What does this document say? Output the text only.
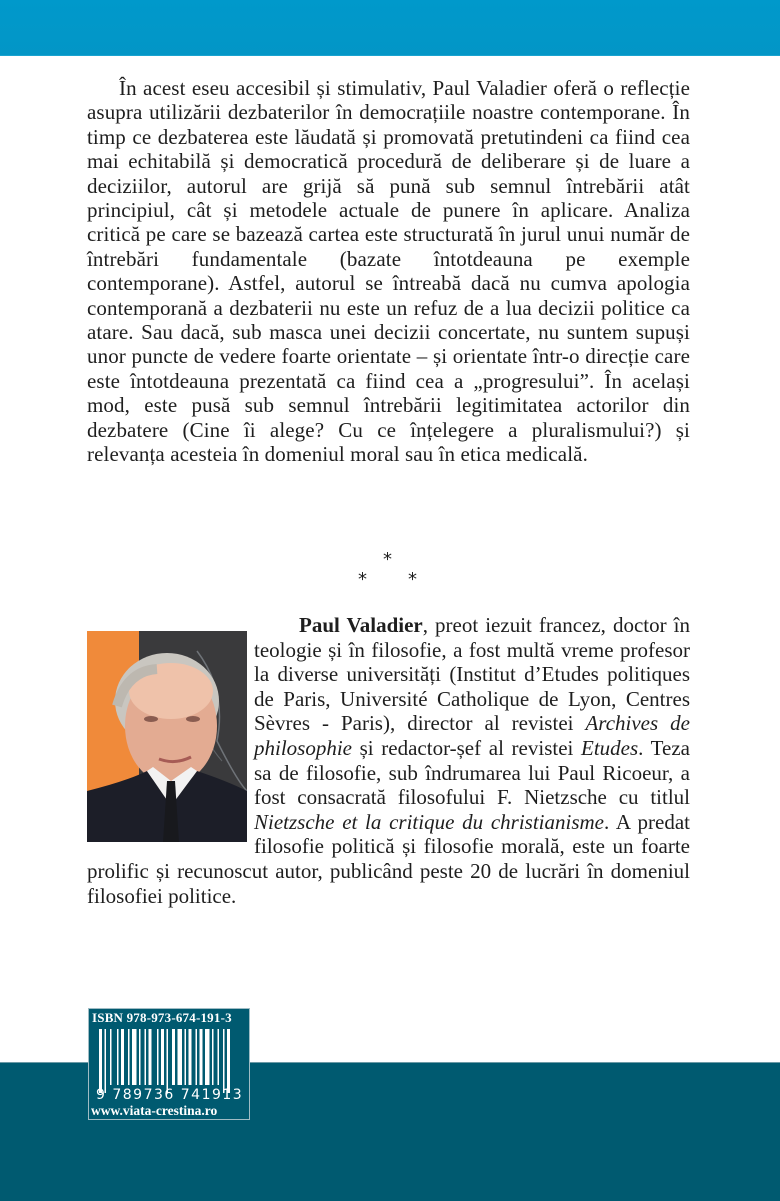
În acest eseu accesibil și stimulativ, Paul Valadier oferă o reflecție asupra utilizării dezbaterilor în democrațiile noastre contemporane. În timp ce dezbaterea este lăudată și promovată pretutindeni ca fiind cea mai echitabilă și democratică procedură de deliberare și de luare a deciziilor, autorul are grijă să pună sub semnul întrebării atât principiul, cât și metodele actuale de punere în aplicare. Analiza critică pe care se bazează cartea este structurată în jurul unui număr de întrebări fundamentale (bazate întotdeauna pe exemple contemporane). Astfel, autorul se întreabă dacă nu cumva apologia contemporană a dezbaterii nu este un refuz de a lua decizii politice ca atare. Sau dacă, sub masca unei decizii concertate, nu suntem supuși unor puncte de vedere foarte orientate – și orientate într-o direcție care este întotdeauna prezentată ca fiind cea a „progresului”. În același mod, este pusă sub semnul întrebării legitimitatea actorilor din dezbatere (Cine îi alege? Cu ce înțelegere a pluralismului?) și relevanța acesteia în domeniul moral sau în etica medicală.

*
* *

Paul Valadier, preot iezuit francez, doctor în teologie și în filosofie, a fost multă vreme profesor la diverse universități (Institut d’Etudes politiques de Paris, Université Catholique de Lyon, Centres Sèvres - Paris), director al revistei Archives de philosophie și redactor-șef al revistei Etudes. Teza sa de filosofie, sub îndrumarea lui Paul Ricoeur, a fost consacrată filosofului F. Nietzsche cu titlul Nietzsche et la critique du christianisme. A predat filosofie politică și filosofie morală, este un foarte prolific și recunoscut autor, publicând peste 20 de lucrări în domeniul filosofiei politice.

ISBN 978-973-674-191-3
9 789736 741913
www.viata-crestina.ro
